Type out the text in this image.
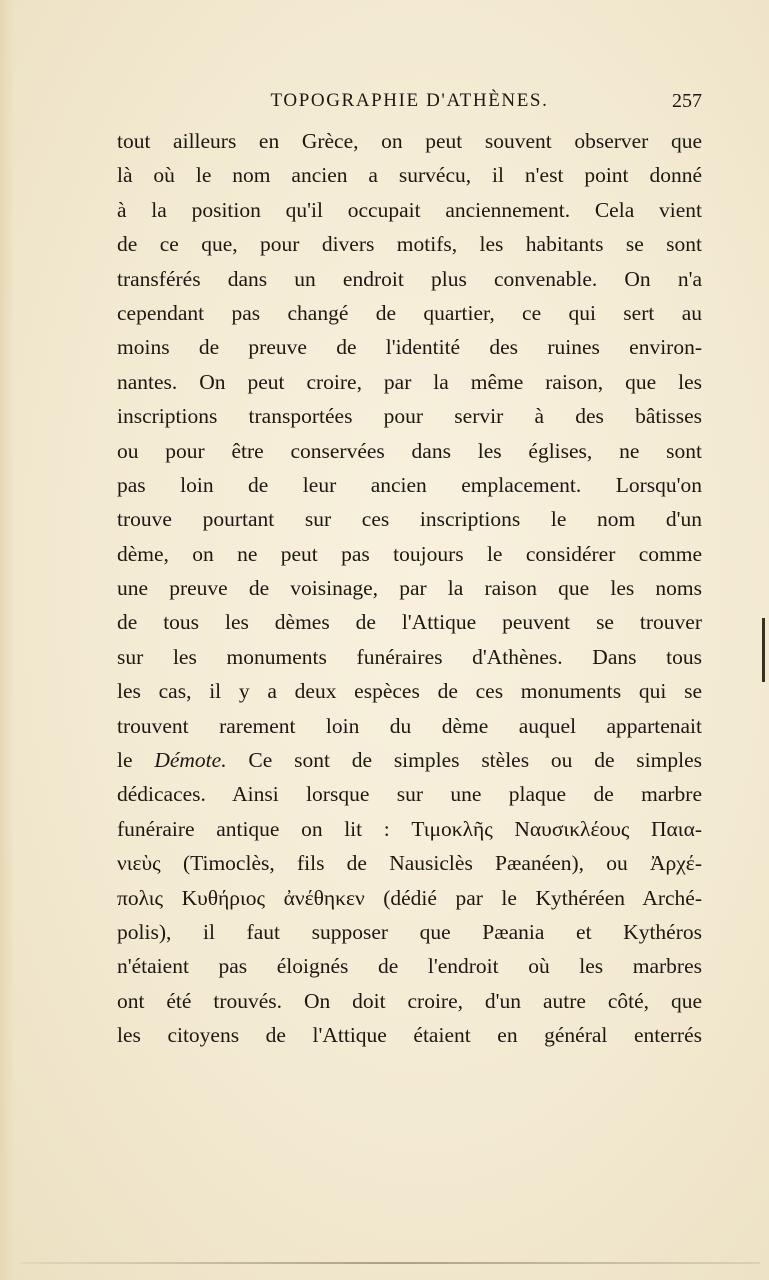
TOPOGRAPHIE D'ATHÈNES.	257
tout ailleurs en Grèce, on peut souvent observer que
là où le nom ancien a survécu, il n'est point donné
à la position qu'il occupait anciennement. Cela vient
de ce que, pour divers motifs, les habitants se sont
transférés dans un endroit plus convenable. On n'a
cependant pas changé de quartier, ce qui sert au
moins de preuve de l'identité des ruines environ-
nantes. On peut croire, par la même raison, que les
inscriptions transportées pour servir à des bâtisses
ou pour être conservées dans les églises, ne sont
pas loin de leur ancien emplacement. Lorsqu'on
trouve pourtant sur ces inscriptions le nom d'un
dème, on ne peut pas toujours le considérer comme
une preuve de voisinage, par la raison que les noms
de tous les dèmes de l'Attique peuvent se trouver
sur les monuments funéraires d'Athènes. Dans tous
les cas, il y a deux espèces de ces monuments qui se
trouvent rarement loin du dème auquel appartenait
le Démote. Ce sont de simples stèles ou de simples
dédicaces. Ainsi lorsque sur une plaque de marbre
funéraire antique on lit : Τιμοκλῆς Ναυσικλέους Παια-
νιεὺς (Timoclès, fils de Nausiclès Pæanéen), ou Ἀρχέ-
πολις Κυθήριος ἀνέθηκεν (dédié par le Kythéréen Arché-
polis), il faut supposer que Pæania et Kythéros
n'étaient pas éloignés de l'endroit où les marbres
ont été trouvés. On doit croire, d'un autre côté, que
les citoyens de l'Attique étaient en général enterrés
